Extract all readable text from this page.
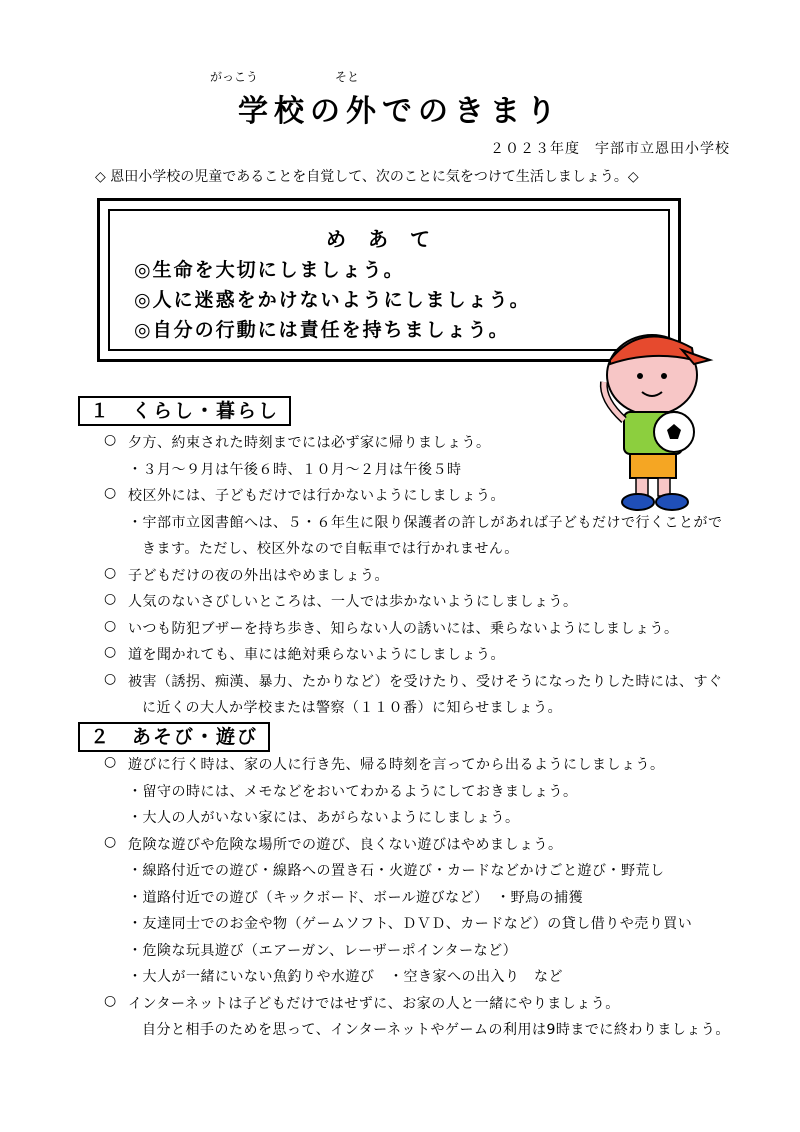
がっこう	そと
学校の外でのきまり
２０２３年度　宇部市立恩田小学校
◇ 恩田小学校の児童であることを自覚して、次のことに気をつけて生活しましょう。◇
めあて
◎生命を大切にしましょう。
◎人に迷惑をかけないようにしましょう。
◎自分の行動には責任を持ちましょう。
１　くらし・暮らし
○ 夕方、約束された時刻までには必ず家に帰りましょう。
・３月～９月は午後６時、１０月～２月は午後５時
○ 校区外には、子どもだけでは行かないようにしましょう。
・宇部市立図書館へは、５・６年生に限り保護者の許しがあれば子どもだけで行くことがで
きます。ただし、校区外なので自転車では行かれません。
○ 子どもだけの夜の外出はやめましょう。
○ 人気のないさびしいところは、一人では歩かないようにしましょう。
○ いつも防犯ブザーを持ち歩き、知らない人の誘いには、乗らないようにしましょう。
○ 道を聞かれても、車には絶対乗らないようにしましょう。
○ 被害（誘拐、痴漢、暴力、たかりなど）を受けたり、受けそうになったりした時には、すぐ
に近くの大人か学校または警察（１１０番）に知らせましょう。
２　あそび・遊び
○ 遊びに行く時は、家の人に行き先、帰る時刻を言ってから出るようにしましょう。
・留守の時には、メモなどをおいてわかるようにしておきましょう。
・大人の人がいない家には、あがらないようにしましょう。
○ 危険な遊びや危険な場所での遊び、良くない遊びはやめましょう。
・線路付近での遊び・線路への置き石・火遊び・カードなどかけごと遊び・野荒し
・道路付近での遊び（キックボード、ボール遊びなど）　・野鳥の捕獲
・友達同士でのお金や物（ゲームソフト、ＤＶＤ、カードなど）の貸し借りや売り買い
・危険な玩具遊び（エアーガン、レーザーポインターなど）
・大人が一緒にいない魚釣りや水遊び　・空き家への出入り　など
○ インターネットは子どもだけではせずに、お家の人と一緒にやりましょう。
自分と相手のためを思って、インターネットやゲームの利用は9時までに終わりましょう。
